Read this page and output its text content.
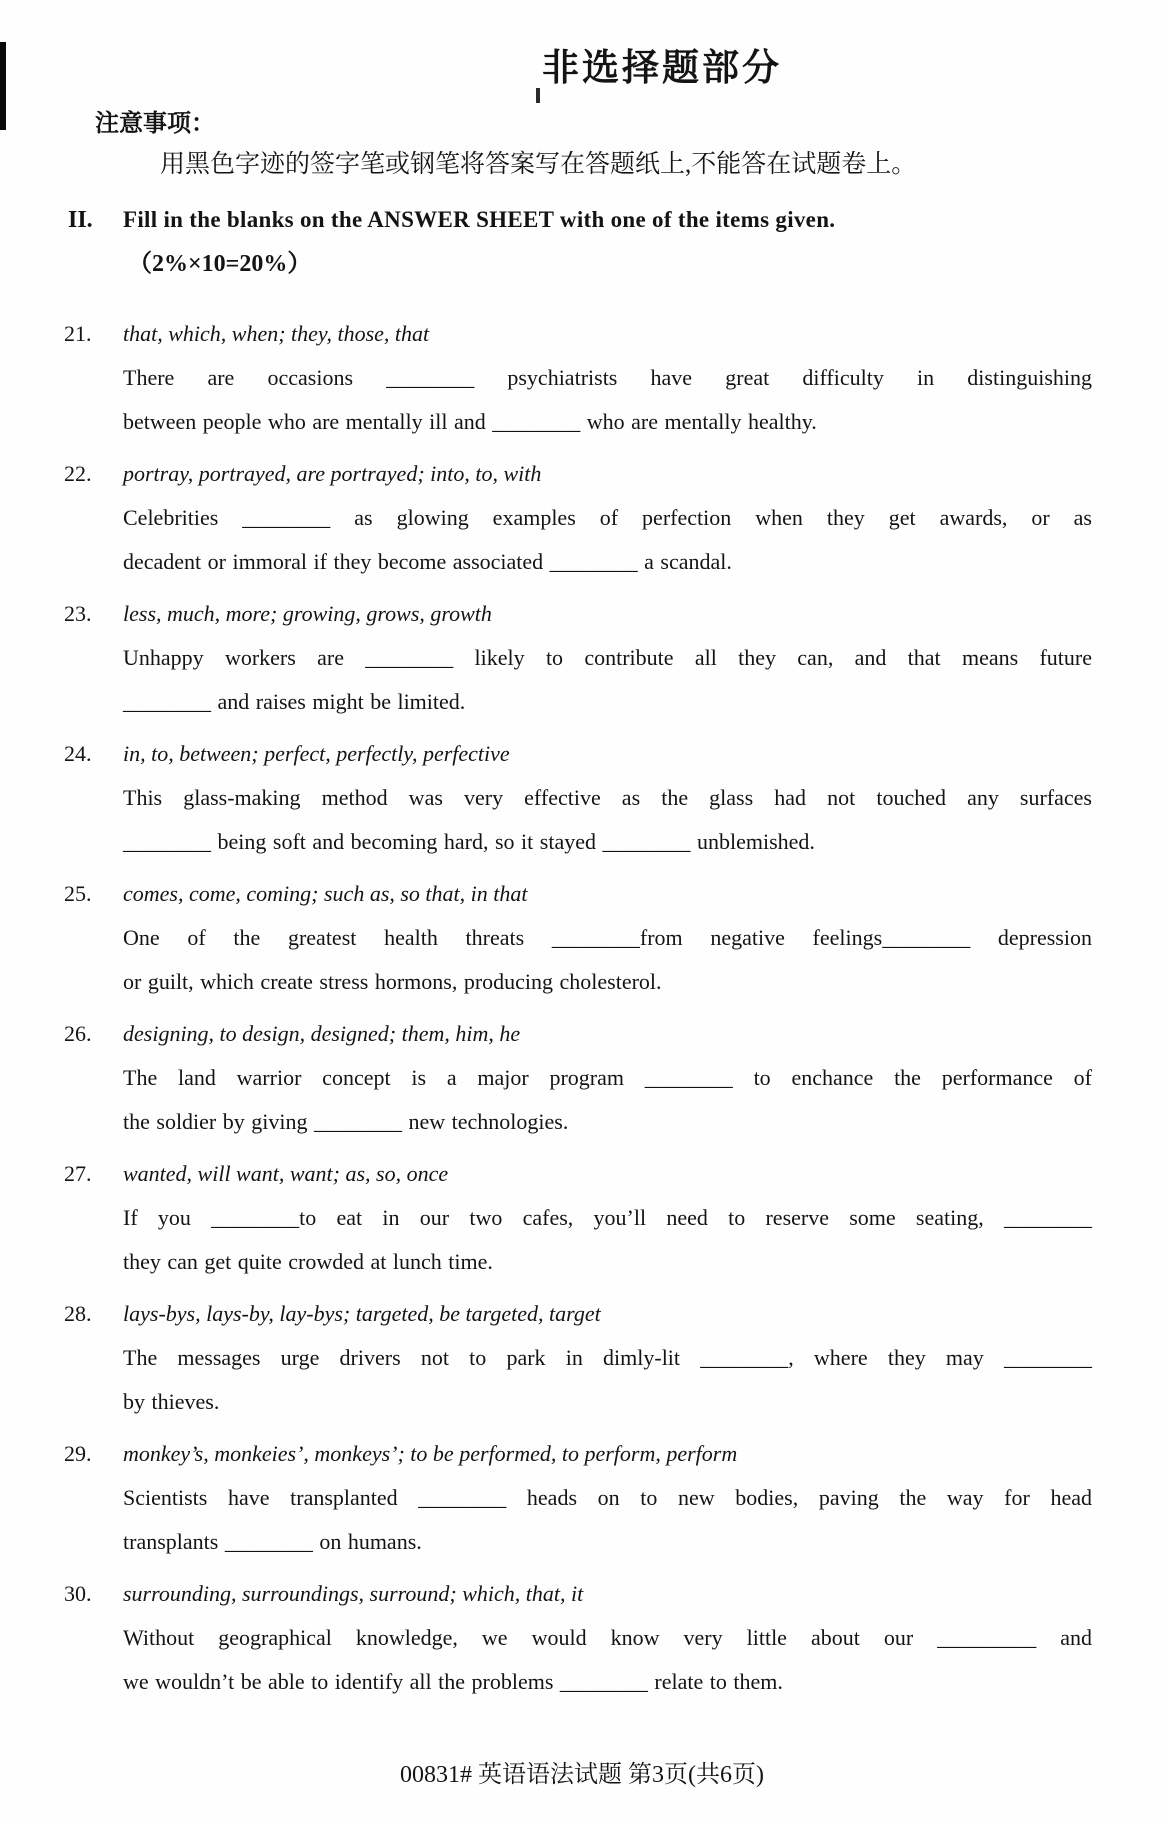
非选择题部分
注意事项：
用黑色字迹的签字笔或钢笔将答案写在答题纸上,不能答在试题卷上。
II. Fill in the blanks on the ANSWER SHEET with one of the items given.
（2%×10=20%）
21. that, which, when; they, those, that
There are occasions ________ psychiatrists have great difficulty in distinguishing
between people who are mentally ill and ________ who are mentally healthy.
22. portray, portrayed, are portrayed; into, to, with
Celebrities ________ as glowing examples of perfection when they get awards, or as
decadent or immoral if they become associated ________ a scandal.
23. less, much, more; growing, grows, growth
Unhappy workers are ________ likely to contribute all they can, and that means future
________ and raises might be limited.
24. in, to, between; perfect, perfectly, perfective
This glass-making method was very effective as the glass had not touched any surfaces
________ being soft and becoming hard, so it stayed ________ unblemished.
25. comes, come, coming; such as, so that, in that
One of the greatest health threats ________from negative feelings________ depression
or guilt, which create stress hormons, producing cholesterol.
26. designing, to design, designed; them, him, he
The land warrior concept is a major program ________ to enchance the performance of
the soldier by giving ________ new technologies.
27. wanted, will want, want; as, so, once
If you ________to eat in our two cafes, you’ll need to reserve some seating, ________
they can get quite crowded at lunch time.
28. lays-bys, lays-by, lay-bys; targeted, be targeted, target
The messages urge drivers not to park in dimly-lit ________, where they may ________
by thieves.
29. monkey’s, monkeies’, monkeys’; to be performed, to perform, perform
Scientists have transplanted ________ heads on to new bodies, paving the way for head
transplants ________ on humans.
30. surrounding, surroundings, surround; which, that, it
Without geographical knowledge, we would know very little about our _________ and
we wouldn’t be able to identify all the problems ________ relate to them.
00831# 英语语法试题 第3页(共6页)
